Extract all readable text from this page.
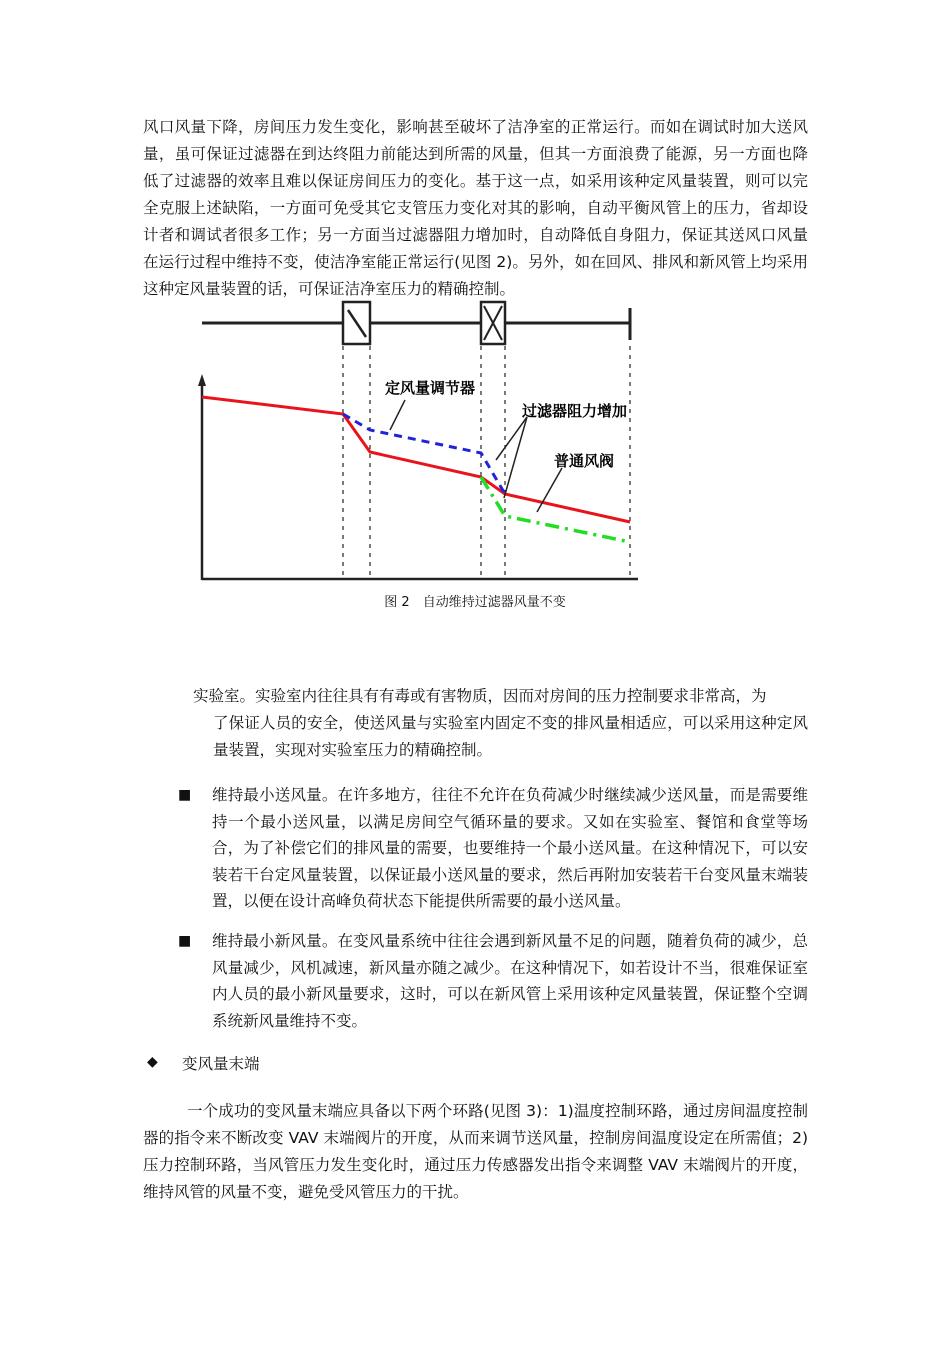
风口风量下降，房间压力发生变化，影响甚至破坏了洁净室的正常运行。而如在调试时加大送风量，虽可保证过滤器在到达终阻力前能达到所需的风量，但其一方面浪费了能源，另一方面也降低了过滤器的效率且难以保证房间压力的变化。基于这一点，如采用该种定风量装置，则可以完全克服上述缺陷，一方面可免受其它支管压力变化对其的影响，自动平衡风管上的压力，省却设计者和调试者很多工作；另一方面当过滤器阻力增加时，自动降低自身阻力，保证其送风口风量在运行过程中维持不变，使洁净室能正常运行(见图 2)。另外，如在回风、排风和新风管上均采用这种定风量装置的话，可保证洁净室压力的精确控制。
定风量调节器
过滤器阻力增加
普通风阀
图 2　自动维持过滤器风量不变
实验室。实验室内往往具有有毒或有害物质，因而对房间的压力控制要求非常高，为
了保证人员的安全，使送风量与实验室内固定不变的排风量相适应，可以采用这种定风量装置，实现对实验室压力的精确控制。
■ 维持最小送风量。在许多地方，往往不允许在负荷减少时继续减少送风量，而是需要维持一个最小送风量，以满足房间空气循环量的要求。又如在实验室、餐馆和食堂等场合，为了补偿它们的排风量的需要，也要维持一个最小送风量。在这种情况下，可以安装若干台定风量装置，以保证最小送风量的要求，然后再附加安装若干台变风量末端装置，以便在设计高峰负荷状态下能提供所需要的最小送风量。
■ 维持最小新风量。在变风量系统中往往会遇到新风量不足的问题，随着负荷的减少，总风量减少，风机减速，新风量亦随之减少。在这种情况下，如若设计不当，很难保证室内人员的最小新风量要求，这时，可以在新风管上采用该种定风量装置，保证整个空调系统新风量维持不变。
◆ 变风量末端
一个成功的变风量末端应具备以下两个环路(见图 3)：1)温度控制环路，通过房间温度控制器的指令来不断改变 VAV 末端阀片的开度，从而来调节送风量，控制房间温度设定在所需值；2)压力控制环路，当风管压力发生变化时，通过压力传感器发出指令来调整 VAV 末端阀片的开度，维持风管的风量不变，避免受风管压力的干扰。
